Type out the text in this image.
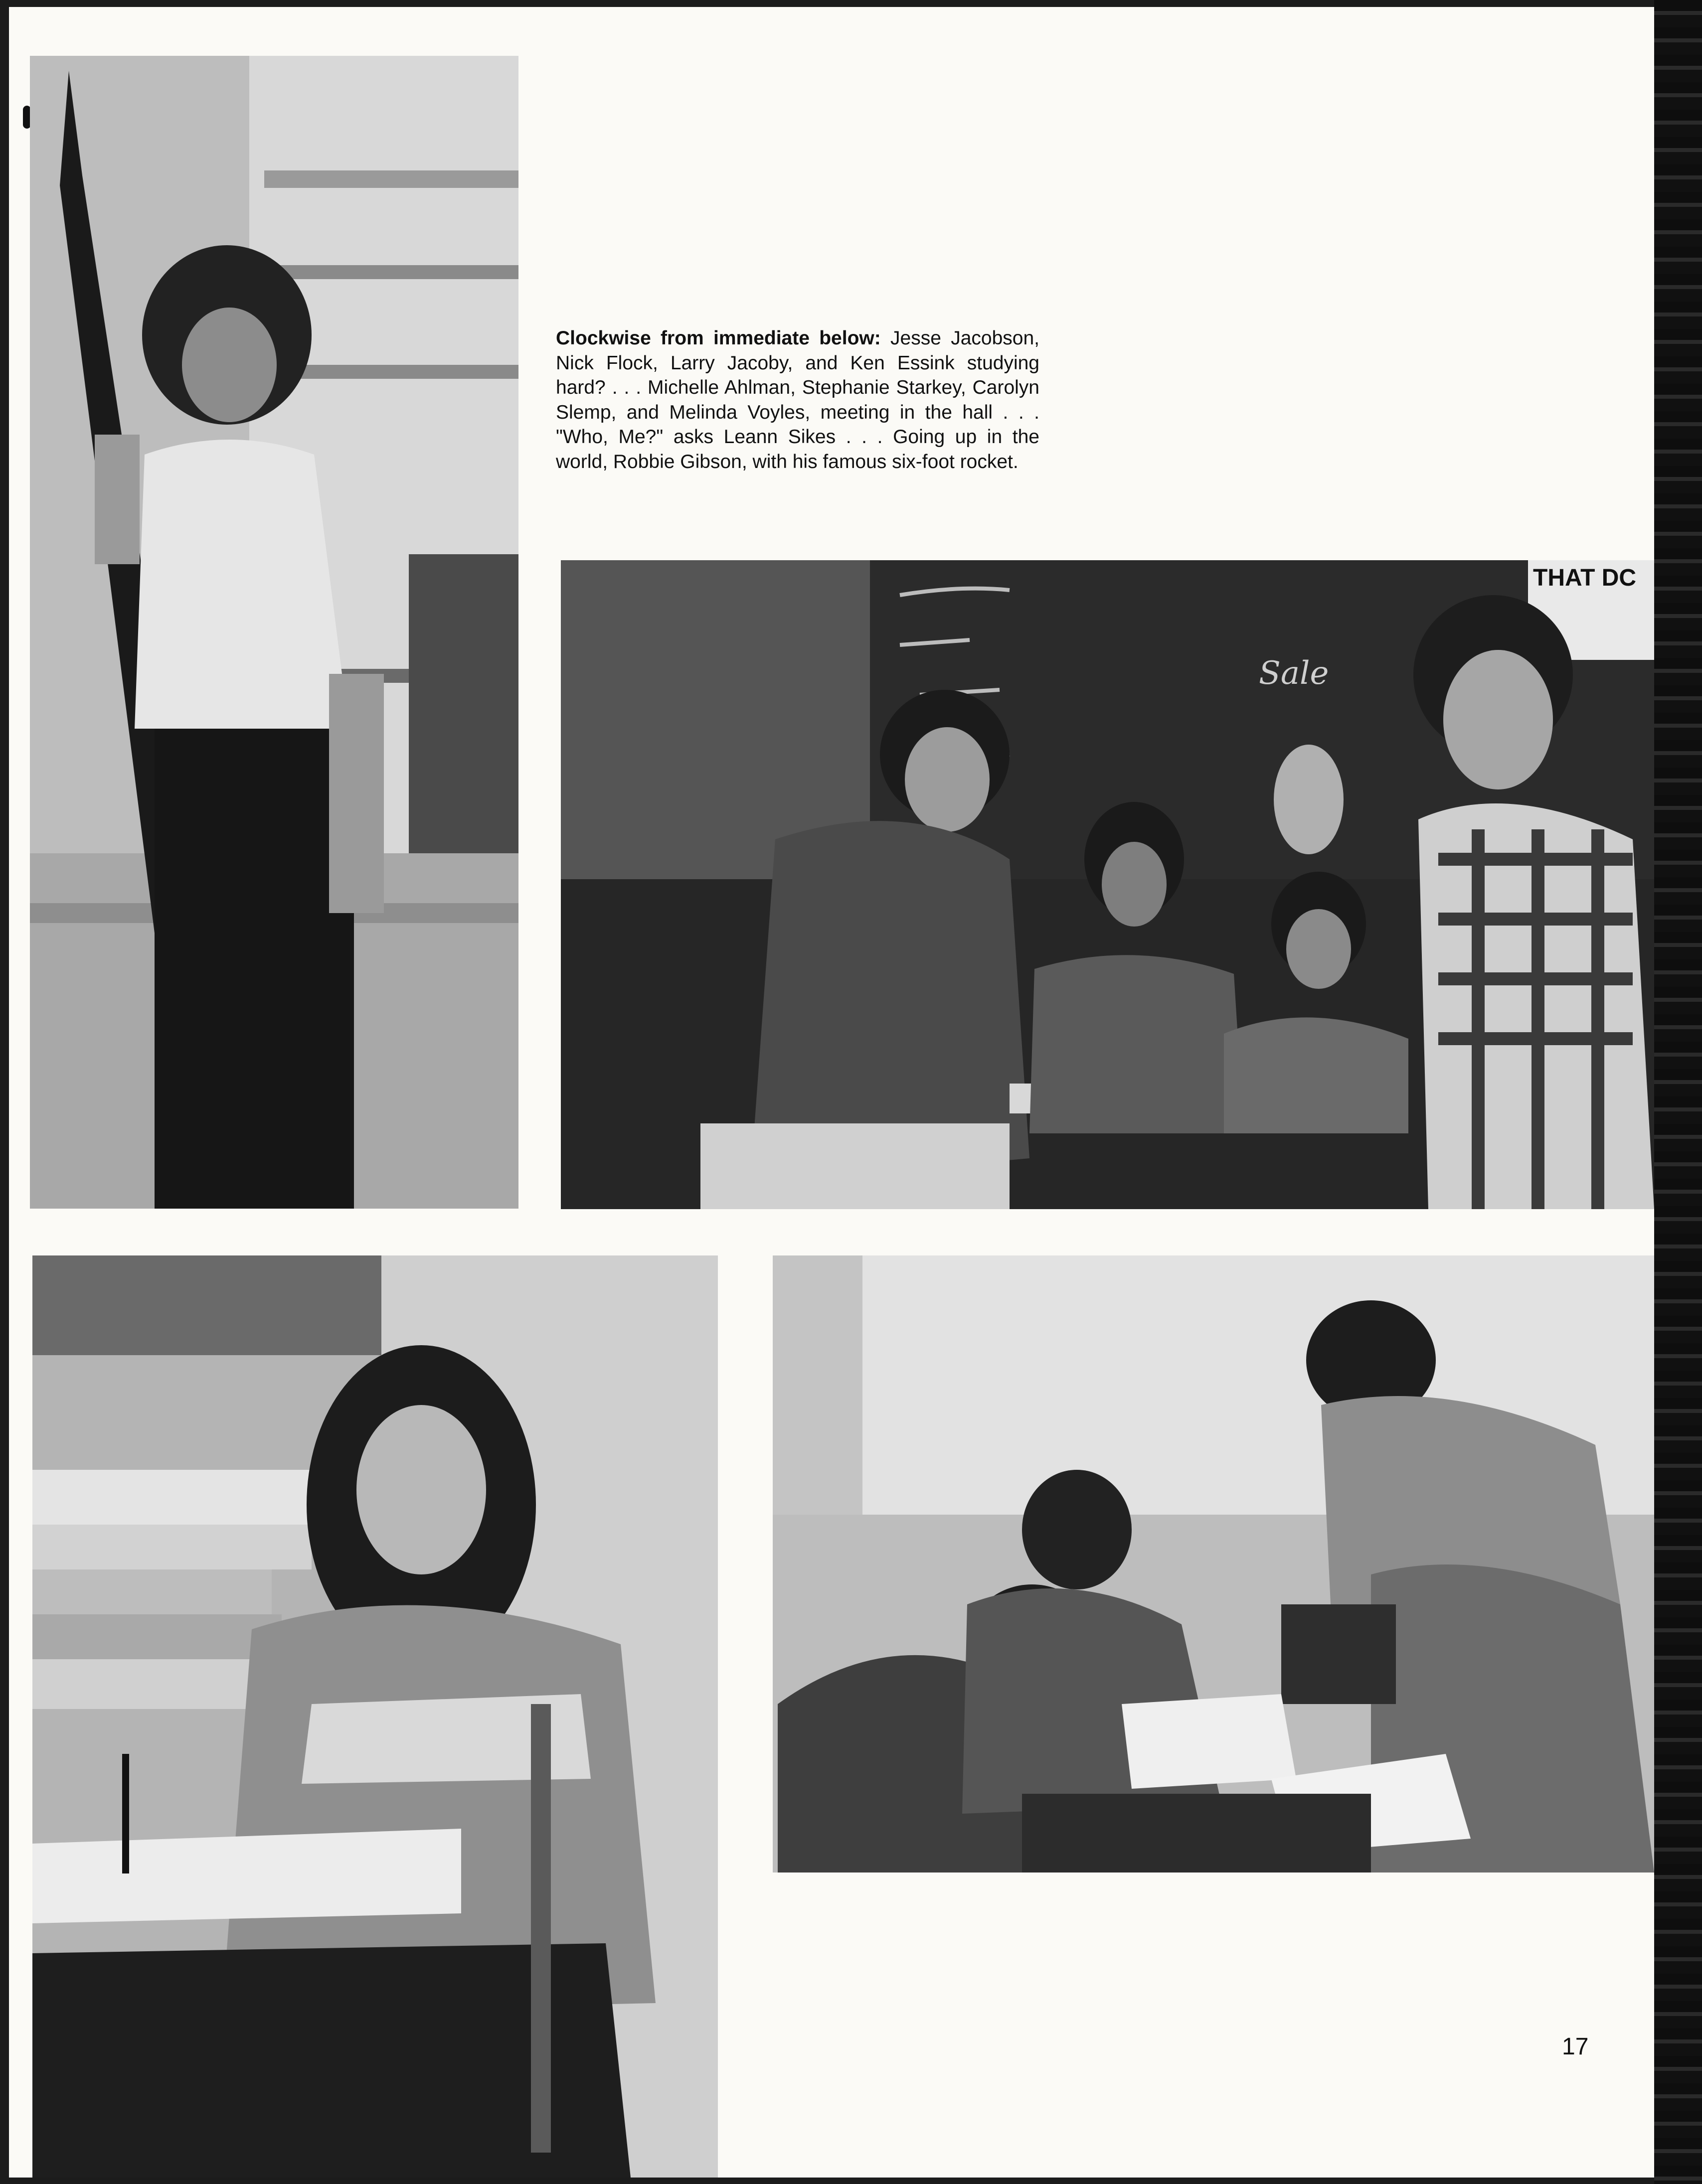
Clockwise from immediate below: Jesse Jacobson, Nick Flock, Larry Jacoby, and Ken Essink studying hard? . . . Michelle Ahlman, Stephanie Starkey, Carolyn Slemp, and Melinda Voyles, meeting in the hall . . . "Who, Me?" asks Leann Sikes . . . Going up in the world, Robbie Gibson, with his famous six-foot rocket.
THAT DC
Sale
17
